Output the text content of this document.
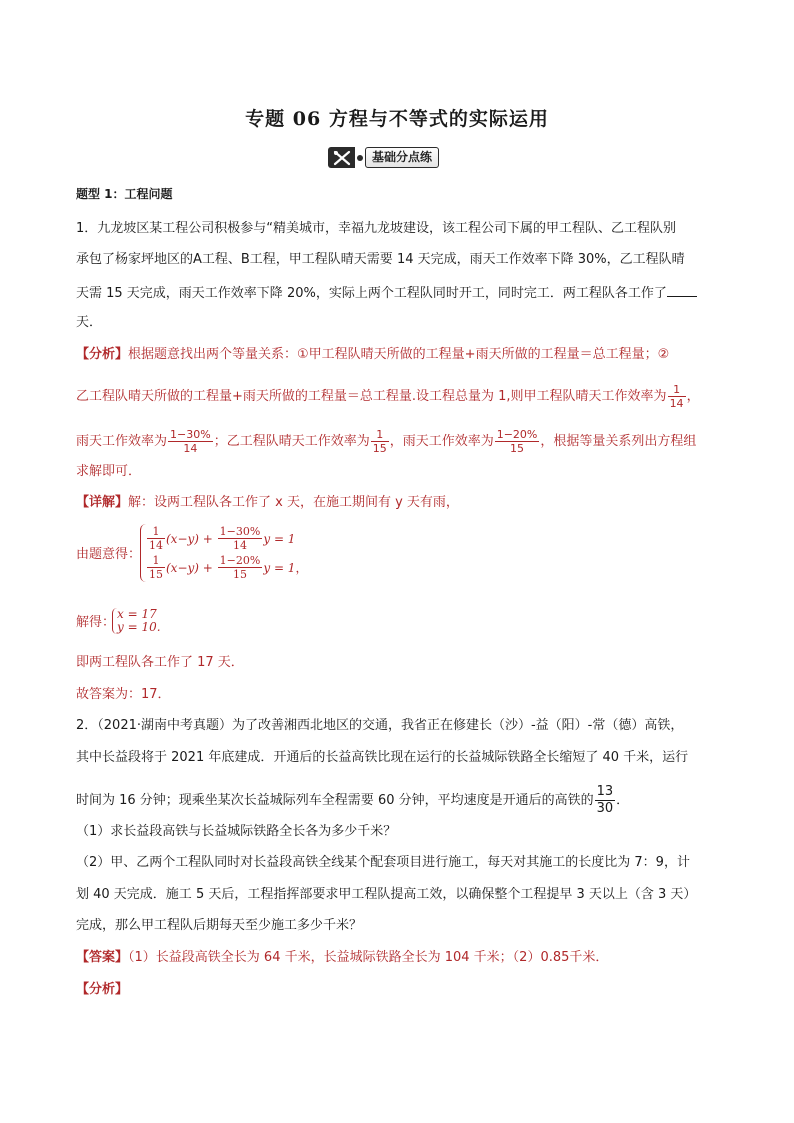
专题 06 方程与不等式的实际运用
基础分点练
题型 1：工程问题
1．九龙坡区某工程公司积极参与“精美城市，幸福九龙坡建设，该工程公司下属的甲工程队、乙工程队别
承包了杨家坪地区的A工程、B工程，甲工程队晴天需要 14 天完成，雨天工作效率下降 30%，乙工程队晴
天需 15 天完成，雨天工作效率下降 20%，实际上两个工程队同时开工，同时完工．两工程队各工作了
天．
【分析】根据题意找出两个等量关系：①甲工程队晴天所做的工程量+雨天所做的工程量＝总工程量；②
乙工程队晴天所做的工程量+雨天所做的工程量＝总工程量.设工程总量为 1,则甲工程队晴天工作效率为 $\frac{1}{14}$ ，
雨天工作效率为 $\frac{1-30\%}{14}$ ；乙工程队晴天工作效率为 $\frac{1}{15}$ ，雨天工作效率为 $\frac{1-20\%}{15}$ ，根据等量关系列出方程组
求解即可．
【详解】解：设两工程队各工作了 x 天，在施工期间有 y 天有雨，
由题意得：
$\frac{1}{14} (x-y)$ +
$\frac{1-30\%}{14}$ y = 1
$\frac{1}{15} (x-y)$ +
$\frac{1-20\%}{15}$ y = 1 ，
解得：
x = 17
y = 10.
即两工程队各工作了 17 天．
故答案为：17．
2．（2021·湖南中考真题）为了改善湘西北地区的交通，我省正在修建长（沙）-益（阳）-常（德）高铁，
其中长益段将于 2021 年底建成．开通后的长益高铁比现在运行的长益城际铁路全长缩短了 40 千米，运行
时间为 16 分钟；现乘坐某次长益城际列车全程需要 60 分钟，平均速度是开通后的高铁的 $\frac{13}{30}$ ．
（1）求长益段高铁与长益城际铁路全长各为多少千米？
（2）甲、乙两个工程队同时对长益段高铁全线某个配套项目进行施工，每天对其施工的长度比为 7：9，计
划 40 天完成．施工 5 天后，工程指挥部要求甲工程队提高工效，以确保整个工程提早 3 天以上（含 3 天）
完成，那么甲工程队后期每天至少施工多少千米？
【答案】（1）长益段高铁全长为 64 千米，长益城际铁路全长为 104 千米；（2）0.85千米．
【分析】
